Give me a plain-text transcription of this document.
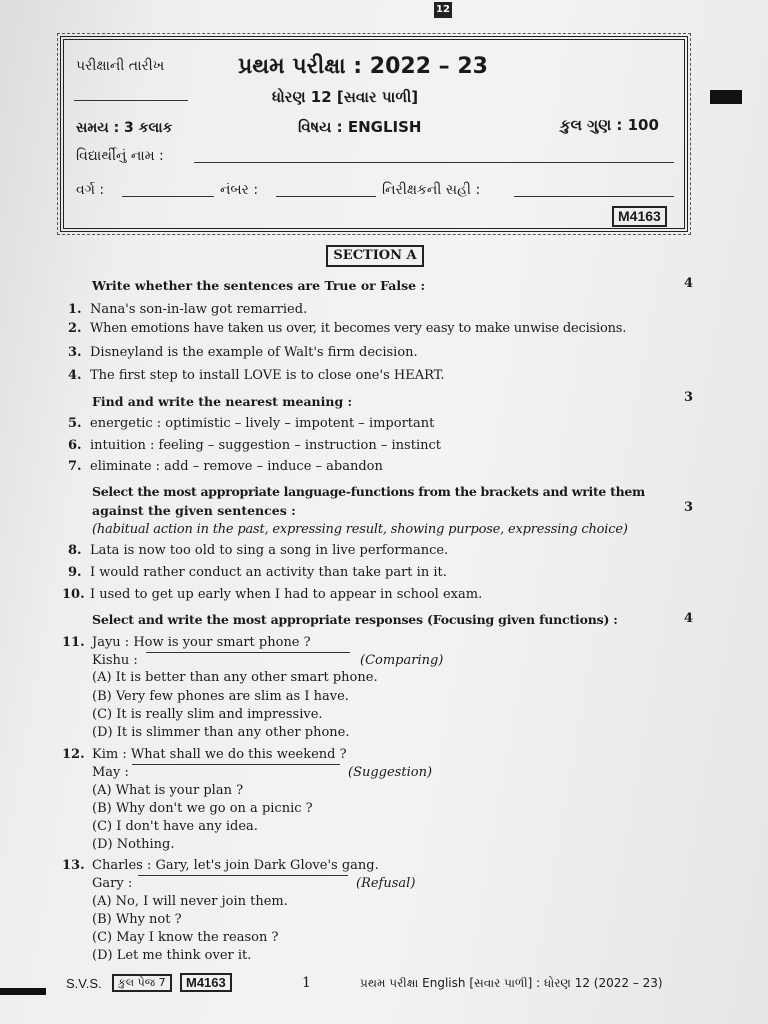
12
પરીક્ષાની તારીખ	પ્રથમ પરીક્ષા : 2022 – 23
ધોરણ 12 [સવાર પાળી]
સમય : 3 કલાક	વિષય : ENGLISH	કુલ ગુણ : 100
વિદ્યાર્થીનું નામ :
વર્ગ :	નંબર :	નિરીક્ષકની સહી :
M4163
SECTION A
Write whether the sentences are True or False :	4
1. Nana's son-in-law got remarried.
2. When emotions have taken us over, it becomes very easy to make unwise decisions.
3. Disneyland is the example of Walt's firm decision.
4. The first step to install LOVE is to close one's HEART.
Find and write the nearest meaning :	3
5. energetic : optimistic – lively – impotent – important
6. intuition : feeling – suggestion – instruction – instinct
7. eliminate : add – remove – induce – abandon
Select the most appropriate language-functions from the brackets and write them
against the given sentences :	3
(habitual action in the past, expressing result, showing purpose, expressing choice)
8. Lata is now too old to sing a song in live performance.
9. I would rather conduct an activity than take part in it.
10. I used to get up early when I had to appear in school exam.
Select and write the most appropriate responses (Focusing given functions) :	4
11. Jayu : How is your smart phone ?
Kishu :	(Comparing)
(A) It is better than any other smart phone.
(B) Very few phones are slim as I have.
(C) It is really slim and impressive.
(D) It is slimmer than any other phone.
12. Kim : What shall we do this weekend ?
May :	(Suggestion)
(A) What is your plan ?
(B) Why don't we go on a picnic ?
(C) I don't have any idea.
(D) Nothing.
13. Charles : Gary, let's join Dark Glove's gang.
Gary :	(Refusal)
(A) No, I will never join them.
(B) Why not ?
(C) May I know the reason ?
(D) Let me think over it.
S.V.S.	કુલ પેજ 7	M4163	1	પ્રથમ પરીક્ષા English [સવાર પાળી] : ધોરણ 12 (2022 – 23)
